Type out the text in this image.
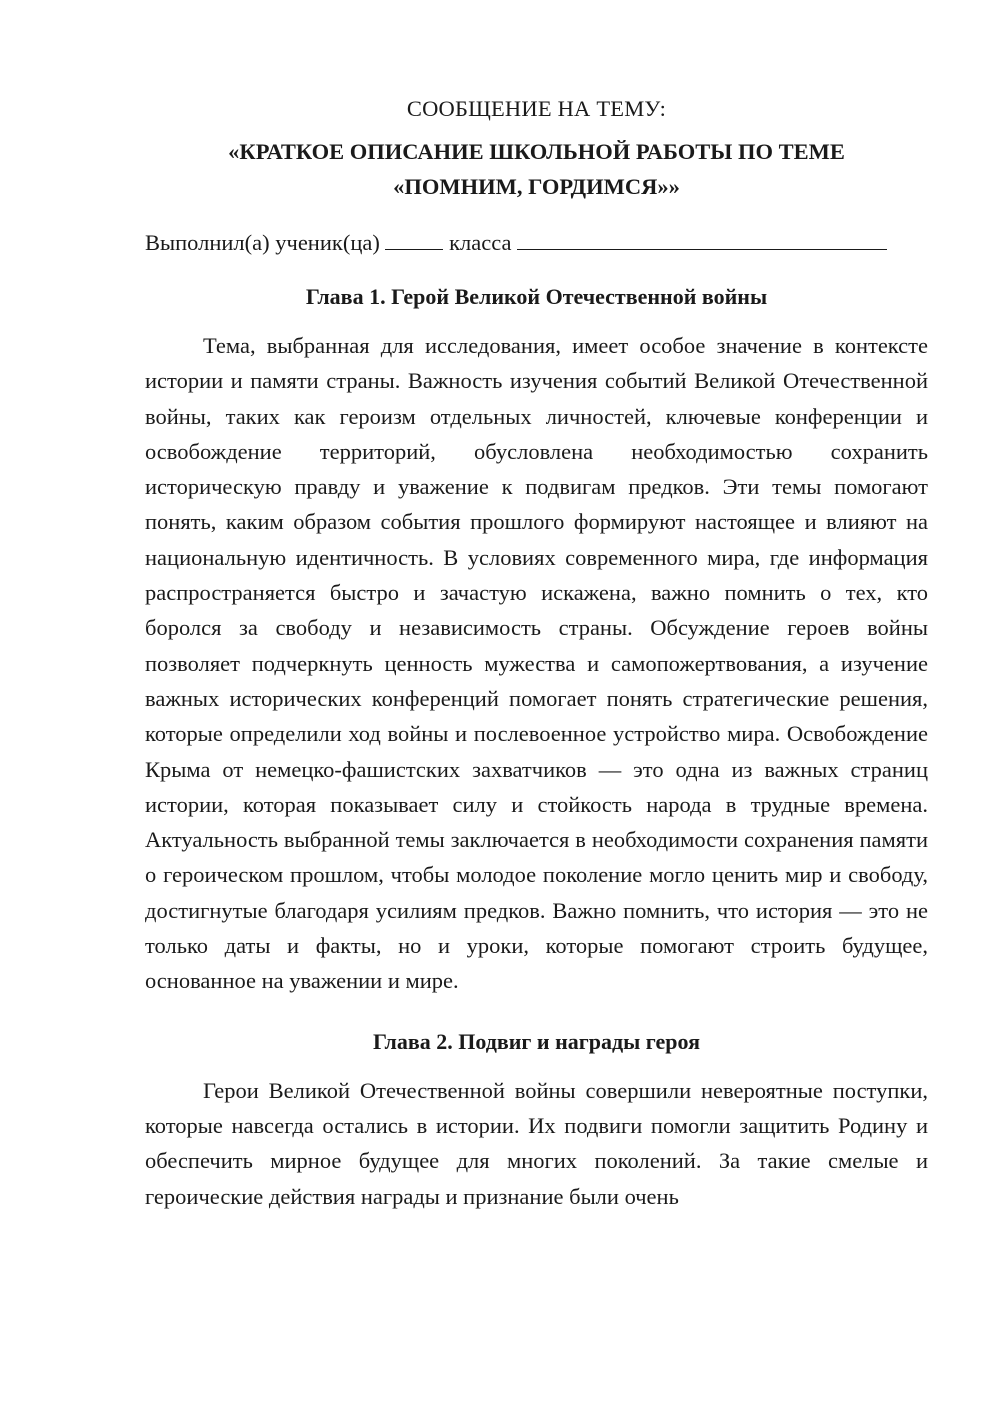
СООБЩЕНИЕ НА ТЕМУ:

«КРАТКОЕ ОПИСАНИЕ ШКОЛЬНОЙ РАБОТЫ ПО ТЕМЕ

«ПОМНИМ, ГОРДИМСЯ»»

Выполнил(а) ученик(ца)	класса
Глава 1. Герой Великой Отечественной войны

Тема, выбранная для исследования, имеет особое значение в контексте истории и памяти страны. Важность изучения событий Великой Отечественной войны, таких как героизм отдельных личностей, ключевые конференции и освобождение территорий, обусловлена необходимостью сохранить историческую правду и уважение к подвигам предков. Эти темы помогают понять, каким образом события прошлого формируют настоящее и влияют на национальную идентичность. В условиях современного мира, где информация распространяется быстро и зачастую искажена, важно помнить о тех, кто боролся за свободу и независимость страны. Обсуждение героев войны позволяет подчеркнуть ценность мужества и самопожертвования, а изучение важных исторических конференций помогает понять стратегические решения, которые определили ход войны и послевоенное устройство мира. Освобождение Крыма от немецко-фашистских захватчиков — это одна из важных страниц истории, которая показывает силу и стойкость народа в трудные времена. Актуальность выбранной темы заключается в необходимости сохранения памяти о героическом прошлом, чтобы молодое поколение могло ценить мир и свободу, достигнутые благодаря усилиям предков. Важно помнить, что история — это не только даты и факты, но и уроки, которые помогают строить будущее, основанное на уважении и мире.

Глава 2. Подвиг и награды героя

Герои Великой Отечественной войны совершили невероятные поступки, которые навсегда остались в истории. Их подвиги помогли защитить Родину и обеспечить мирное будущее для многих поколений. За такие смелые и героические действия награды и признание были очень
